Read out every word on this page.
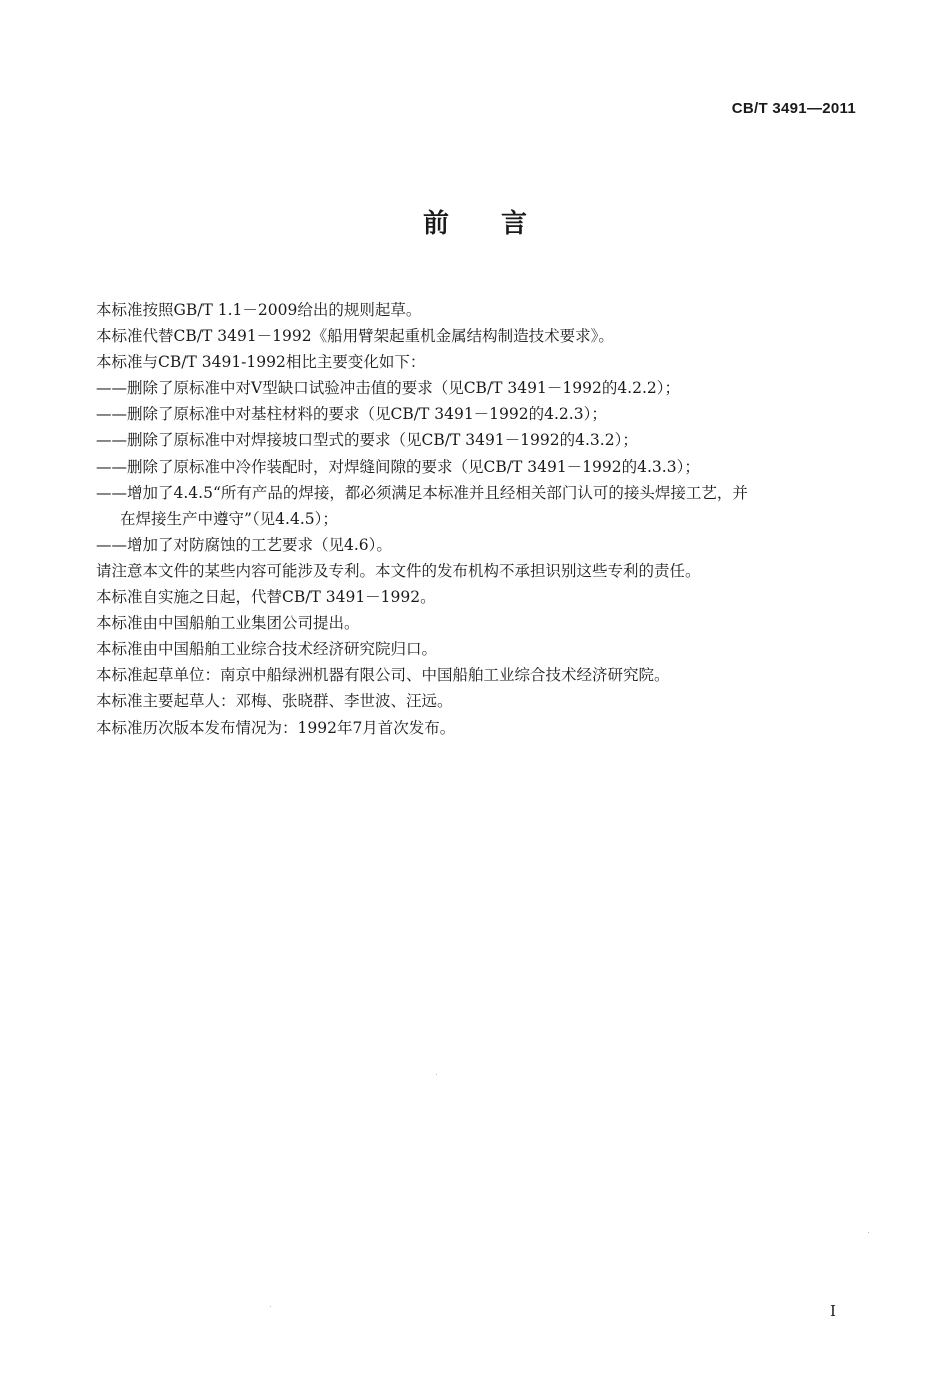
CB/T 3491—2011
前言
本标准按照GB/T 1.1－2009给出的规则起草。
本标准代替CB/T 3491－1992《船用臂架起重机金属结构制造技术要求》。
本标准与CB/T 3491-1992相比主要变化如下：
——删除了原标准中对V型缺口试验冲击值的要求（见CB/T 3491－1992的4.2.2）；
——删除了原标准中对基柱材料的要求（见CB/T 3491－1992的4.2.3）；
——删除了原标准中对焊接坡口型式的要求（见CB/T 3491－1992的4.3.2）；
——删除了原标准中冷作装配时，对焊缝间隙的要求（见CB/T 3491－1992的4.3.3）；
——增加了4.4.5“所有产品的焊接，都必须满足本标准并且经相关部门认可的接头焊接工艺，并
在焊接生产中遵守”（见4.4.5）；
——增加了对防腐蚀的工艺要求（见4.6）。
请注意本文件的某些内容可能涉及专利。本文件的发布机构不承担识别这些专利的责任。
本标准自实施之日起，代替CB/T 3491－1992。
本标准由中国船舶工业集团公司提出。
本标准由中国船舶工业综合技术经济研究院归口。
本标准起草单位：南京中船绿洲机器有限公司、中国船舶工业综合技术经济研究院。
本标准主要起草人：邓梅、张晓群、李世波、汪远。
本标准历次版本发布情况为：1992年7月首次发布。
I
